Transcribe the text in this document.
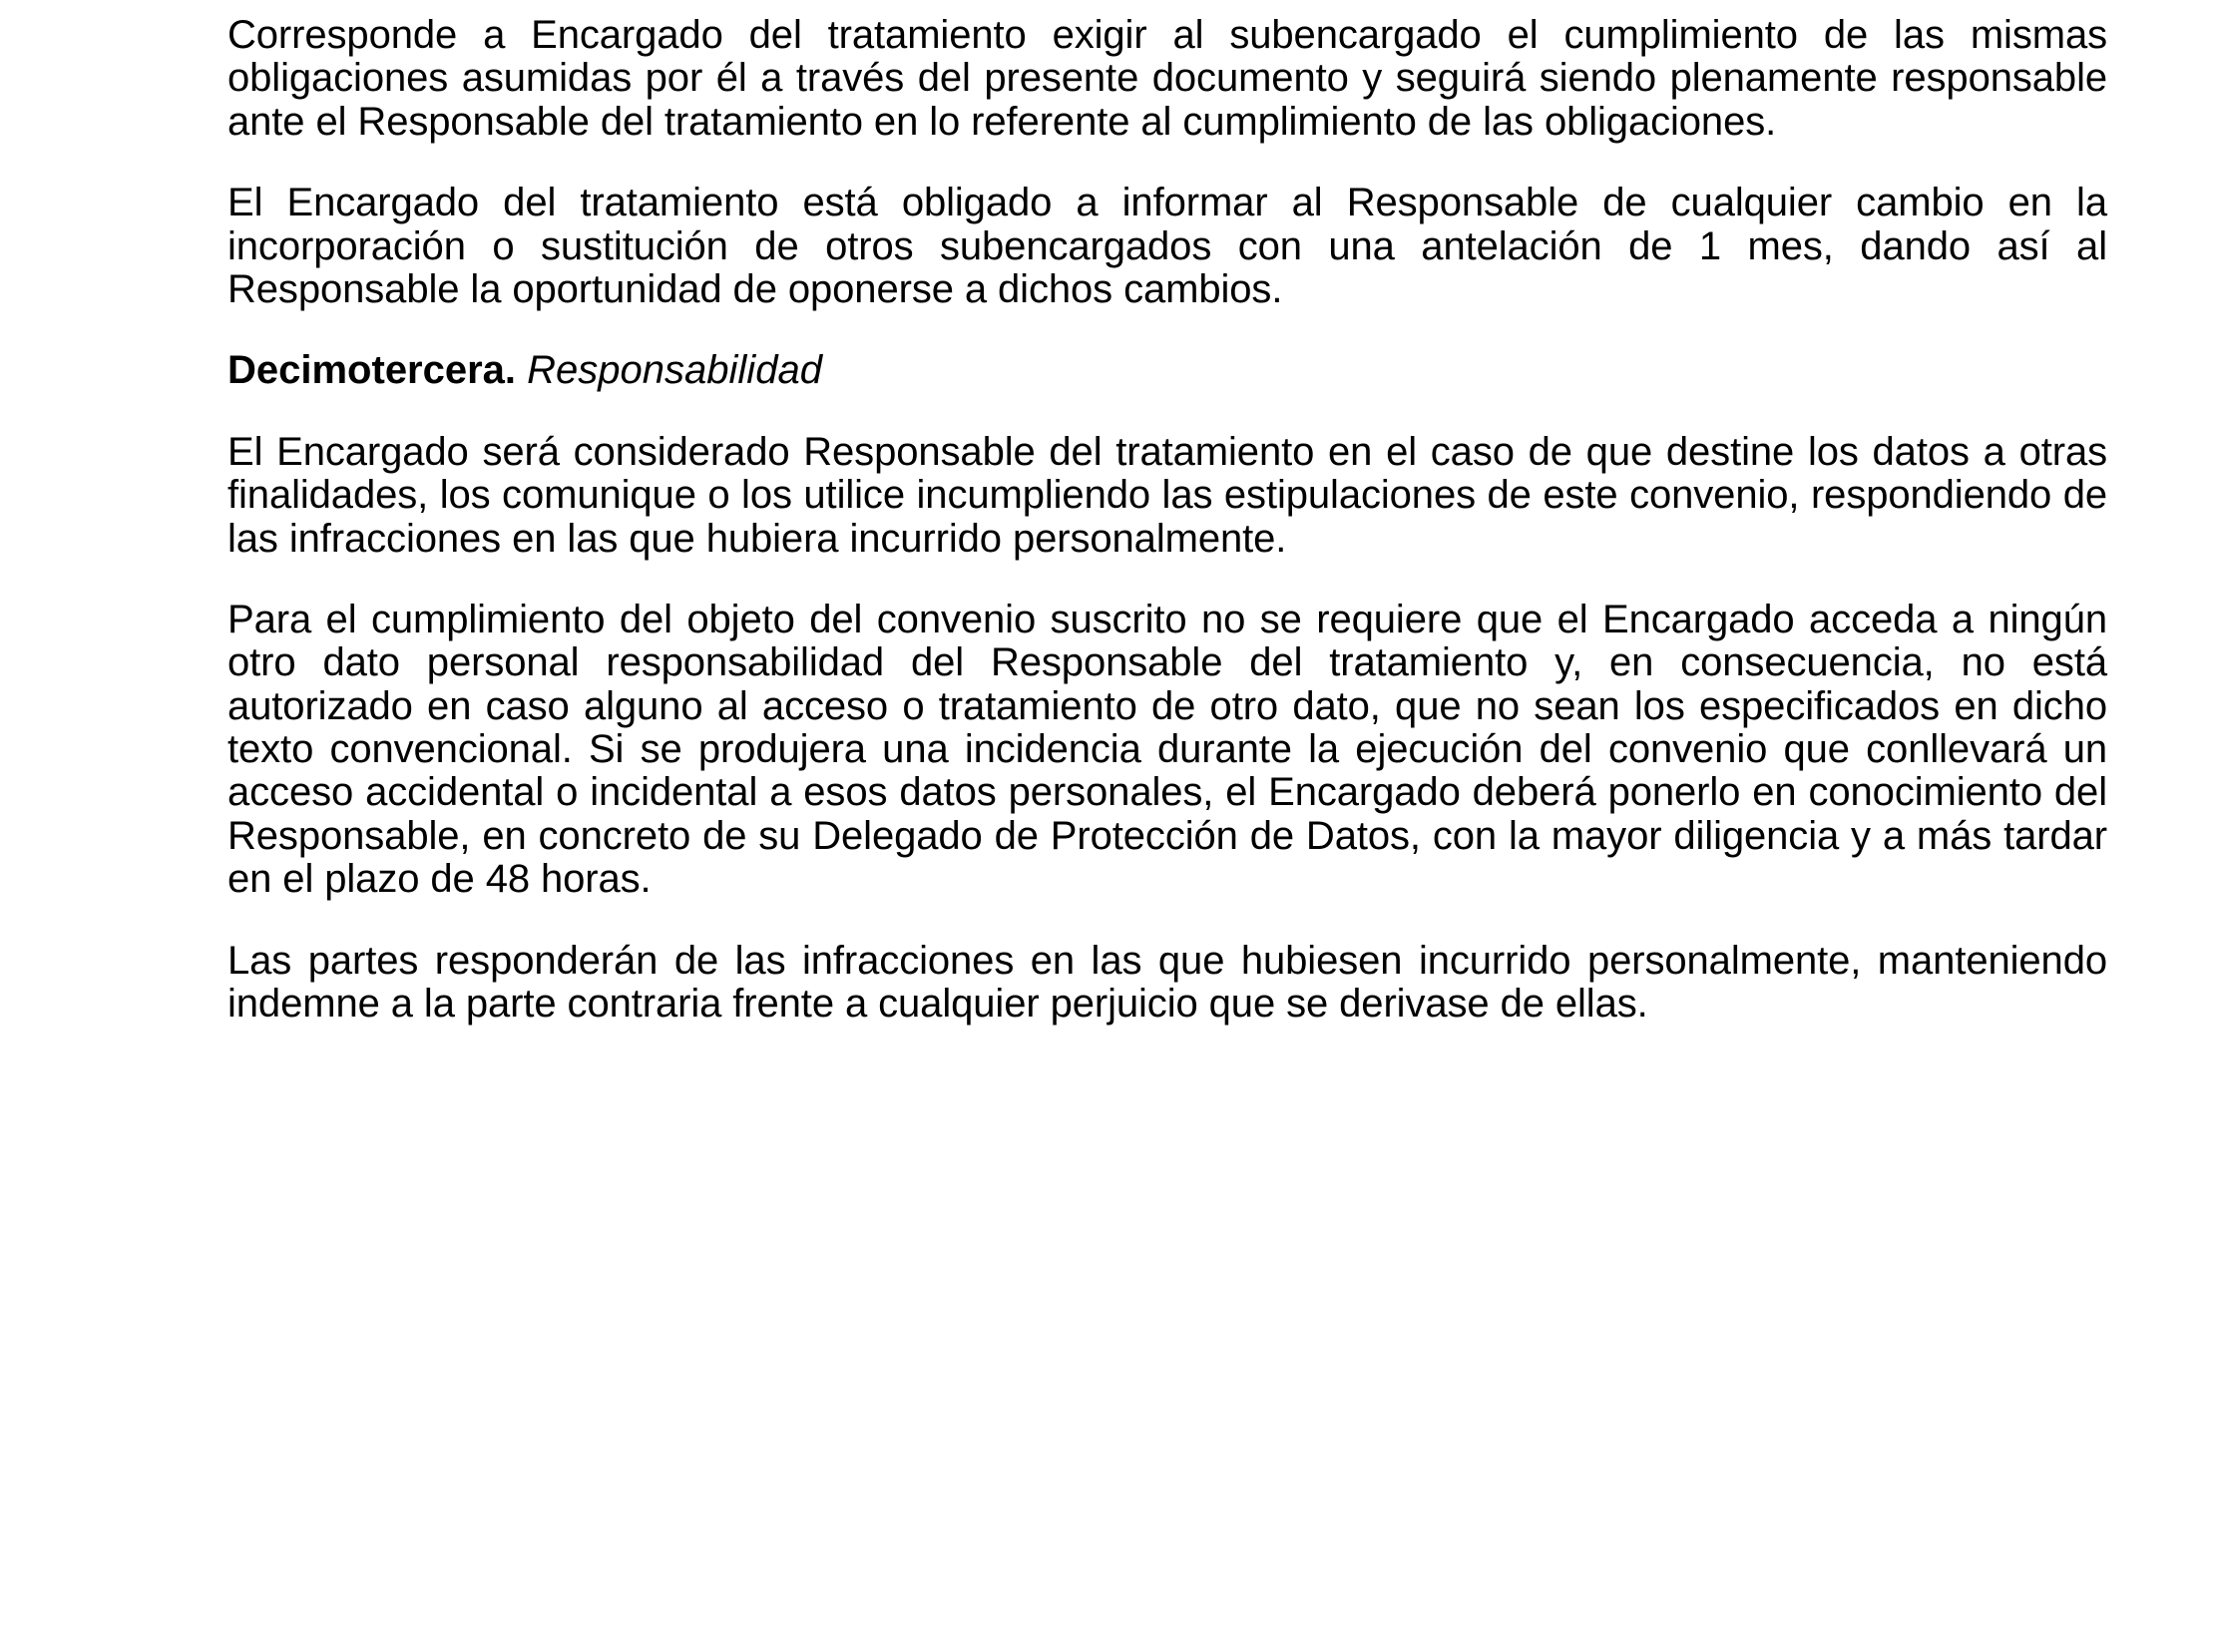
Corresponde a Encargado del tratamiento exigir al subencargado el cumplimiento de las mismas obligaciones asumidas por él a través del presente documento y seguirá siendo plenamente responsable ante el Responsable del tratamiento en lo referente al cumplimiento de las obligaciones.

El Encargado del tratamiento está obligado a informar al Responsable de cualquier cambio en la incorporación o sustitución de otros subencargados con una antelación de 1 mes, dando así al Responsable la oportunidad de oponerse a dichos cambios.

Decimotercera. Responsabilidad

El Encargado será considerado Responsable del tratamiento en el caso de que destine los datos a otras finalidades, los comunique o los utilice incumpliendo las estipulaciones de este convenio, respondiendo de las infracciones en las que hubiera incurrido personalmente.

Para el cumplimiento del objeto del convenio suscrito no se requiere que el Encargado acceda a ningún otro dato personal responsabilidad del Responsable del tratamiento y, en consecuencia, no está autorizado en caso alguno al acceso o tratamiento de otro dato, que no sean los especificados en dicho texto convencional. Si se produjera una incidencia durante la ejecución del convenio que conllevará un acceso accidental o incidental a esos datos personales, el Encargado deberá ponerlo en conocimiento del Responsable, en concreto de su Delegado de Protección de Datos, con la mayor diligencia y a más tardar en el plazo de 48 horas.

Las partes responderán de las infracciones en las que hubiesen incurrido personalmente, manteniendo indemne a la parte contraria frente a cualquier perjuicio que se derivase de ellas.
